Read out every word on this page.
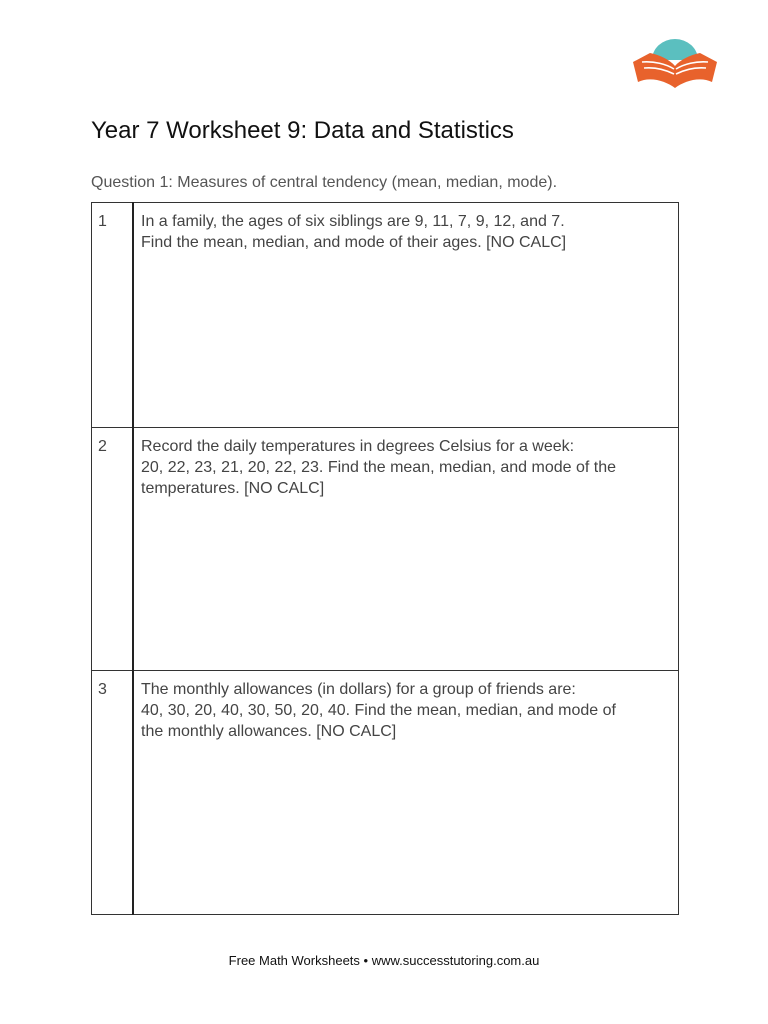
Year 7 Worksheet 9: Data and Statistics

Question 1: Measures of central tendency (mean, median, mode).

1	In a family, the ages of six siblings are 9, 11, 7, 9, 12, and 7.
Find the mean, median, and mode of their ages. [NO CALC]

2	Record the daily temperatures in degrees Celsius for a week:
20, 22, 23, 21, 20, 22, 23. Find the mean, median, and mode of the
temperatures. [NO CALC]

3	The monthly allowances (in dollars) for a group of friends are:
40, 30, 20, 40, 30, 50, 20, 40. Find the mean, median, and mode of
the monthly allowances. [NO CALC]
Free Math Worksheets • www.successtutoring.com.au
